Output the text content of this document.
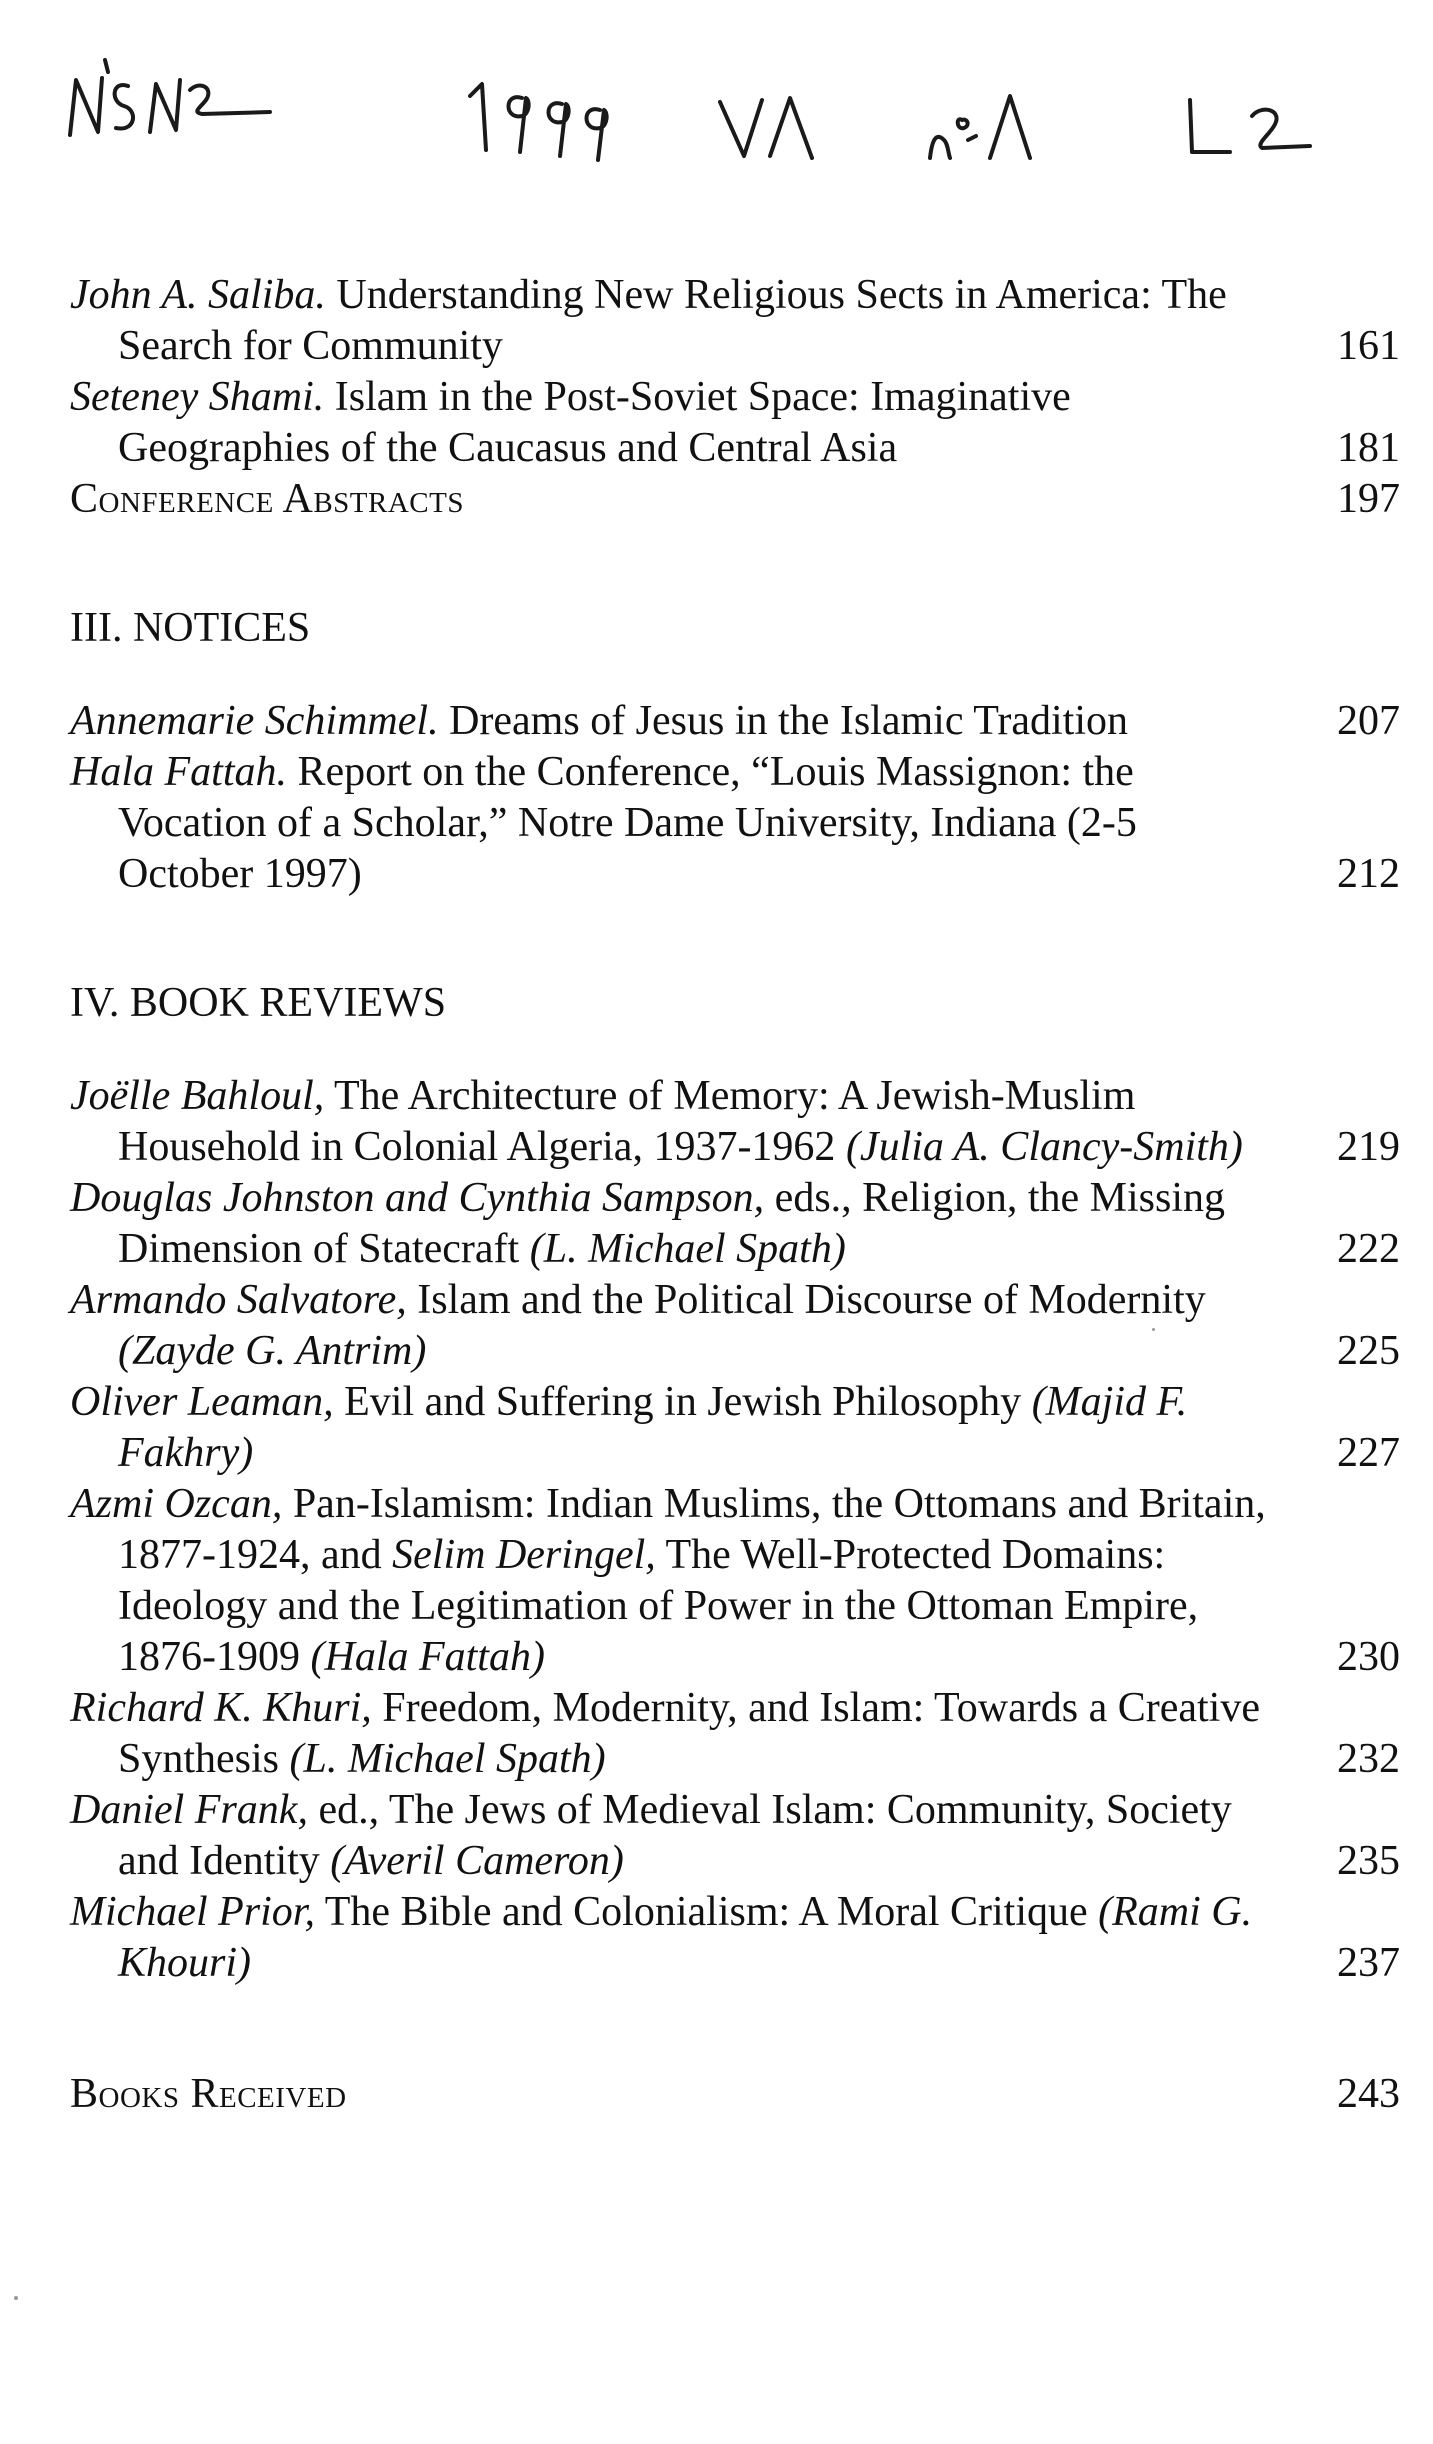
John A. Saliba. Understanding New Religious Sects in America: The Search for Community	161
Seteney Shami. Islam in the Post-Soviet Space: Imaginative Geographies of the Caucasus and Central Asia	181
Conference Abstracts	197
III. NOTICES
Annemarie Schimmel. Dreams of Jesus in the Islamic Tradition	207
Hala Fattah. Report on the Conference, “Louis Massignon: the Vocation of a Scholar,” Notre Dame University, Indiana (2-5 October 1997)	212
IV. BOOK REVIEWS
Joëlle Bahloul, The Architecture of Memory: A Jewish-Muslim Household in Colonial Algeria, 1937-1962 (Julia A. Clancy-Smith)	219
Douglas Johnston and Cynthia Sampson, eds., Religion, the Missing Dimension of Statecraft (L. Michael Spath)	222
Armando Salvatore, Islam and the Political Discourse of Modernity (Zayde G. Antrim)	225
Oliver Leaman, Evil and Suffering in Jewish Philosophy (Majid F. Fakhry)	227
Azmi Ozcan, Pan-Islamism: Indian Muslims, the Ottomans and Britain, 1877-1924, and Selim Deringel, The Well-Protected Domains: Ideology and the Legitimation of Power in the Ottoman Empire, 1876-1909 (Hala Fattah)	230
Richard K. Khuri, Freedom, Modernity, and Islam: Towards a Creative Synthesis (L. Michael Spath)	232
Daniel Frank, ed., The Jews of Medieval Islam: Community, Society and Identity (Averil Cameron)	235
Michael Prior, The Bible and Colonialism: A Moral Critique (Rami G. Khouri)	237
Books Received	243
